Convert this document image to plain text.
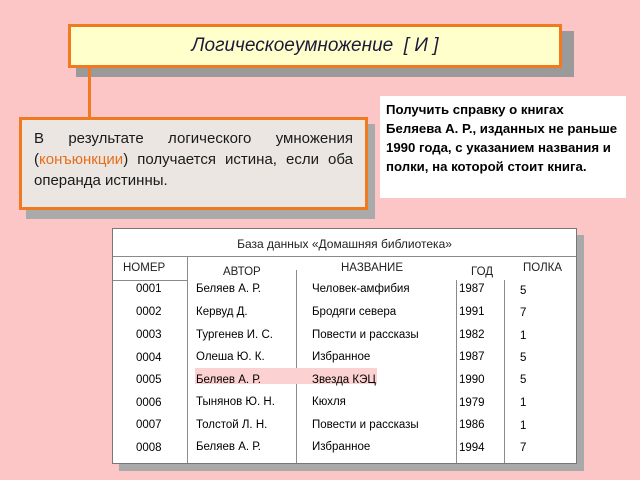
Логическое умножение  [ И ]
В результате логического умножения (конъюнкции) получается истина, если оба операнда истинны.
Получить справку о книгах Беляева А. Р., изданных не раньше 1990 года, с указанием названия и полки, на которой стоит книга.
База данных «Домашняя библиотека»
НОМЕР	АВТОР	НАЗВАНИЕ	ГОД	ПОЛКА
0001	Беляев А. Р.	Человек-амфибия	1987	5
0002	Кервуд Д.	Бродяги севера	1991	7
0003	Тургенев И. С.	Повести и рассказы	1982	1
0004	Олеша Ю. К.	Избранное	1987	5
0005	Беляев А. Р.	Звезда КЭЦ	1990	5
0006	Тынянов Ю. Н.	Кюхля	1979	1
0007	Толстой Л. Н.	Повести и рассказы	1986	1
0008	Беляев А. Р.	Избранное	1994	7
